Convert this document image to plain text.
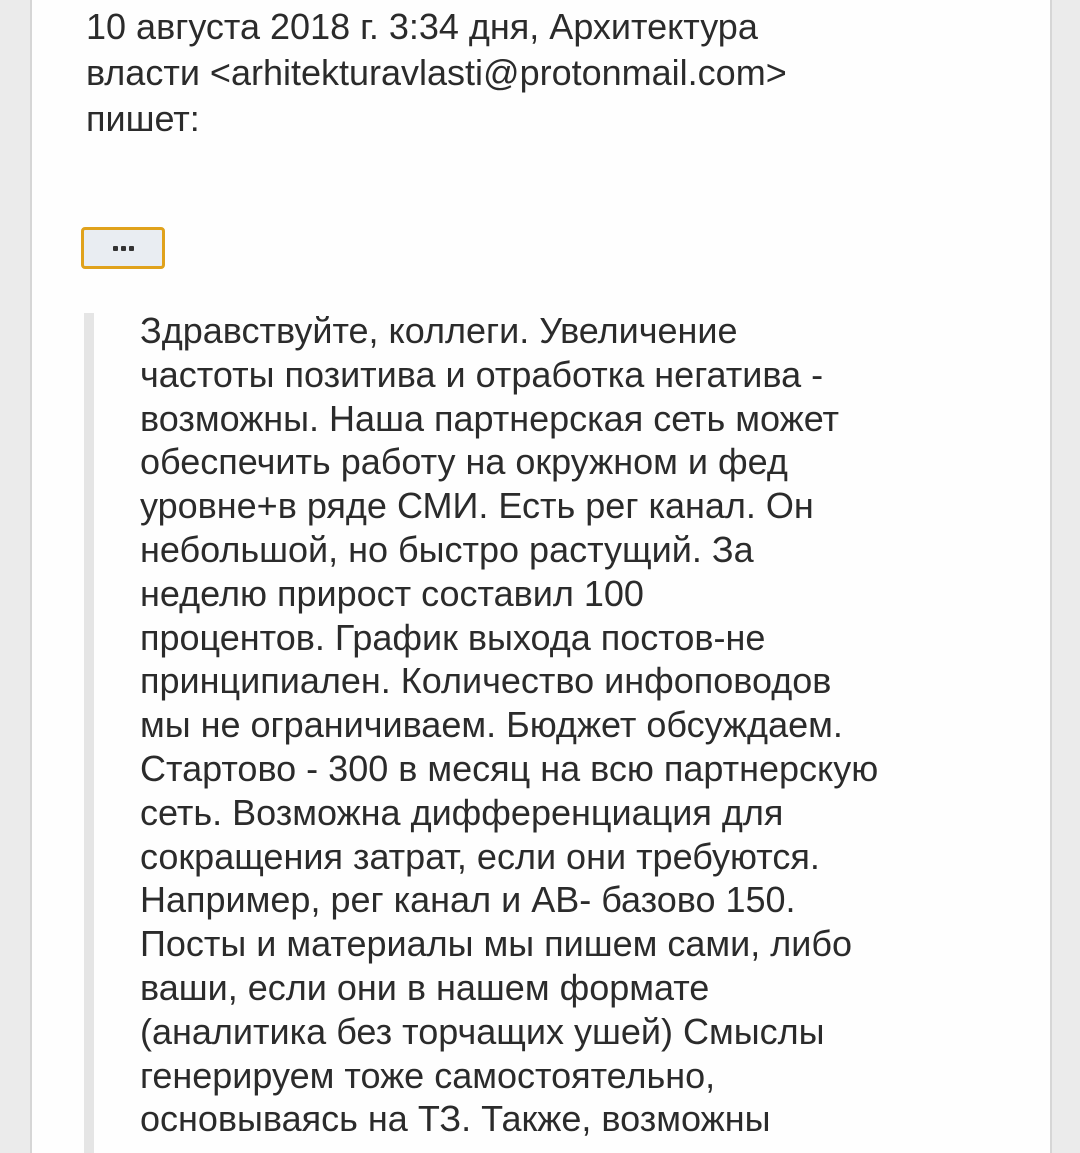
10 августа 2018 г. 3:34 дня, Архитектура
власти <arhitekturavlasti@protonmail.com>
пишет:
Здравствуйте, коллеги. Увеличение
частоты позитива и отработка негатива -
возможны. Наша партнерская сеть может
обеспечить работу на окружном и фед
уровне+в ряде СМИ. Есть рег канал. Он
небольшой, но быстро растущий. За
неделю прирост составил 100
процентов. График выхода постов-не
принципиален. Количество инфоповодов
мы не ограничиваем. Бюджет обсуждаем.
Стартово - 300 в месяц на всю партнерскую
сеть. Возможна дифференциация для
сокращения затрат, если они требуются.
Например, рег канал и АВ- базово 150.
Посты и материалы мы пишем сами, либо
ваши, если они в нашем формате
(аналитика без торчащих ушей) Смыслы
генерируем тоже самостоятельно,
основываясь на ТЗ. Также, возможны
